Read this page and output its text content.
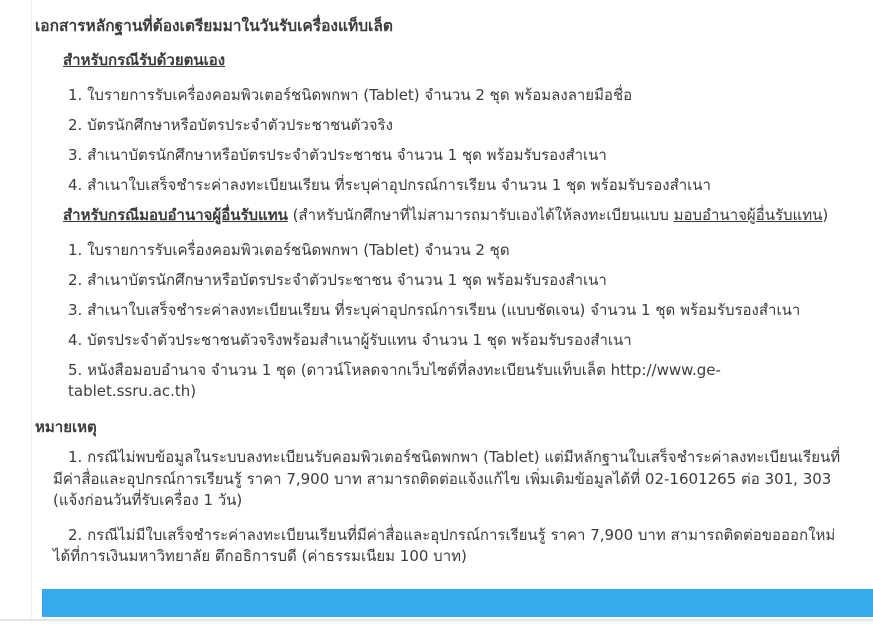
เอกสารหลักฐานที่ต้องเตรียมมาในวันรับเครื่องแท็บเล็ต

สำหรับกรณีรับด้วยตนเอง

1. ใบรายการรับเครื่องคอมพิวเตอร์ชนิดพกพา (Tablet) จำนวน 2 ชุด พร้อมลงลายมือชื่อ

2. บัตรนักศึกษาหรือบัตรประจำตัวประชาชนตัวจริง

3. สำเนาบัตรนักศึกษาหรือบัตรประจำตัวประชาชน จำนวน 1 ชุด พร้อมรับรองสำเนา

4. สำเนาใบเสร็จชำระค่าลงทะเบียนเรียน ที่ระบุค่าอุปกรณ์การเรียน จำนวน 1 ชุด พร้อมรับรองสำเนา

สำหรับกรณีมอบอำนาจผู้อื่นรับแทน (สำหรับนักศึกษาที่ไม่สามารถมารับเองได้ให้ลงทะเบียนแบบ มอบอำนาจผู้อื่นรับแทน)

1. ใบรายการรับเครื่องคอมพิวเตอร์ชนิดพกพา (Tablet) จำนวน 2 ชุด

2. สำเนาบัตรนักศึกษาหรือบัตรประจำตัวประชาชน จำนวน 1 ชุด พร้อมรับรองสำเนา

3. สำเนาใบเสร็จชำระค่าลงทะเบียนเรียน ที่ระบุค่าอุปกรณ์การเรียน (แบบชัดเจน) จำนวน 1 ชุด พร้อมรับรองสำเนา

4. บัตรประจำตัวประชาชนตัวจริงพร้อมสำเนาผู้รับแทน จำนวน 1 ชุด พร้อมรับรองสำเนา

5. หนังสือมอบอำนาจ จำนวน 1 ชุด (ดาวน์โหลดจากเว็บไซต์ที่ลงทะเบียนรับแท็บเล็ต http://www.ge-tablet.ssru.ac.th)

หมายเหตุ

1. กรณีไม่พบข้อมูลในระบบลงทะเบียนรับคอมพิวเตอร์ชนิดพกพา (Tablet) แต่มีหลักฐานใบเสร็จชำระค่าลงทะเบียนเรียนที่มีค่าสื่อและอุปกรณ์การเรียนรู้ ราคา 7,900 บาท สามารถติดต่อแจ้งแก้ไข เพิ่มเติมข้อมูลได้ที่ 02-1601265 ต่อ 301, 303 (แจ้งก่อนวันที่รับเครื่อง 1 วัน)

2. กรณีไม่มีใบเสร็จชำระค่าลงทะเบียนเรียนที่มีค่าสื่อและอุปกรณ์การเรียนรู้ ราคา 7,900 บาท สามารถติดต่อขอออกใหม่ได้ที่การเงินมหาวิทยาลัย ตึกอธิการบดี (ค่าธรรมเนียม 100 บาท)
